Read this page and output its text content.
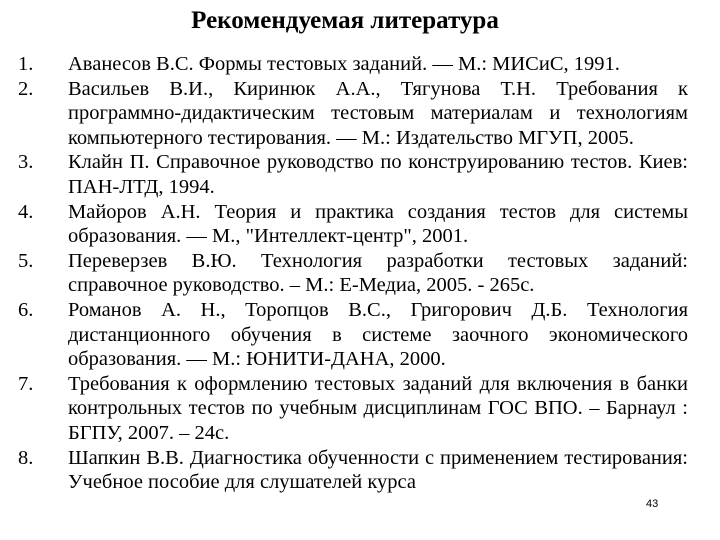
Рекомендуемая литература
1.	Аванесов В.С. Формы тестовых заданий. — М.: МИСиС, 1991.
2.	Васильев В.И., Киринюк А.А., Тягунова Т.Н. Требования к программно-дидактическим тестовым материалам и технологиям компьютерного тестирования. — М.: Издательство МГУП, 2005.
3.	Клайн П. Справочное руководство по конструированию тестов. Киев: ПАН-ЛТД, 1994.
4.	Майоров А.Н. Теория и практика создания тестов для системы образования. — М., "Интеллект-центр", 2001.
5.	Переверзев В.Ю. Технология разработки тестовых заданий: справочное руководство. – М.: Е-Медиа, 2005. - 265с.
6.	Романов А. Н., Торопцов В.С., Григорович Д.Б. Технология дистанционного обучения в системе заочного экономического образования. — М.: ЮНИТИ-ДАНА, 2000.
7.	Требования к оформлению тестовых заданий для включения в банки контрольных тестов по учебным дисциплинам ГОС ВПО. – Барнаул : БГПУ, 2007. – 24с.
8.	Шапкин В.В. Диагностика обученности с применением тестирования: Учебное пособие для слушателей курса
43
